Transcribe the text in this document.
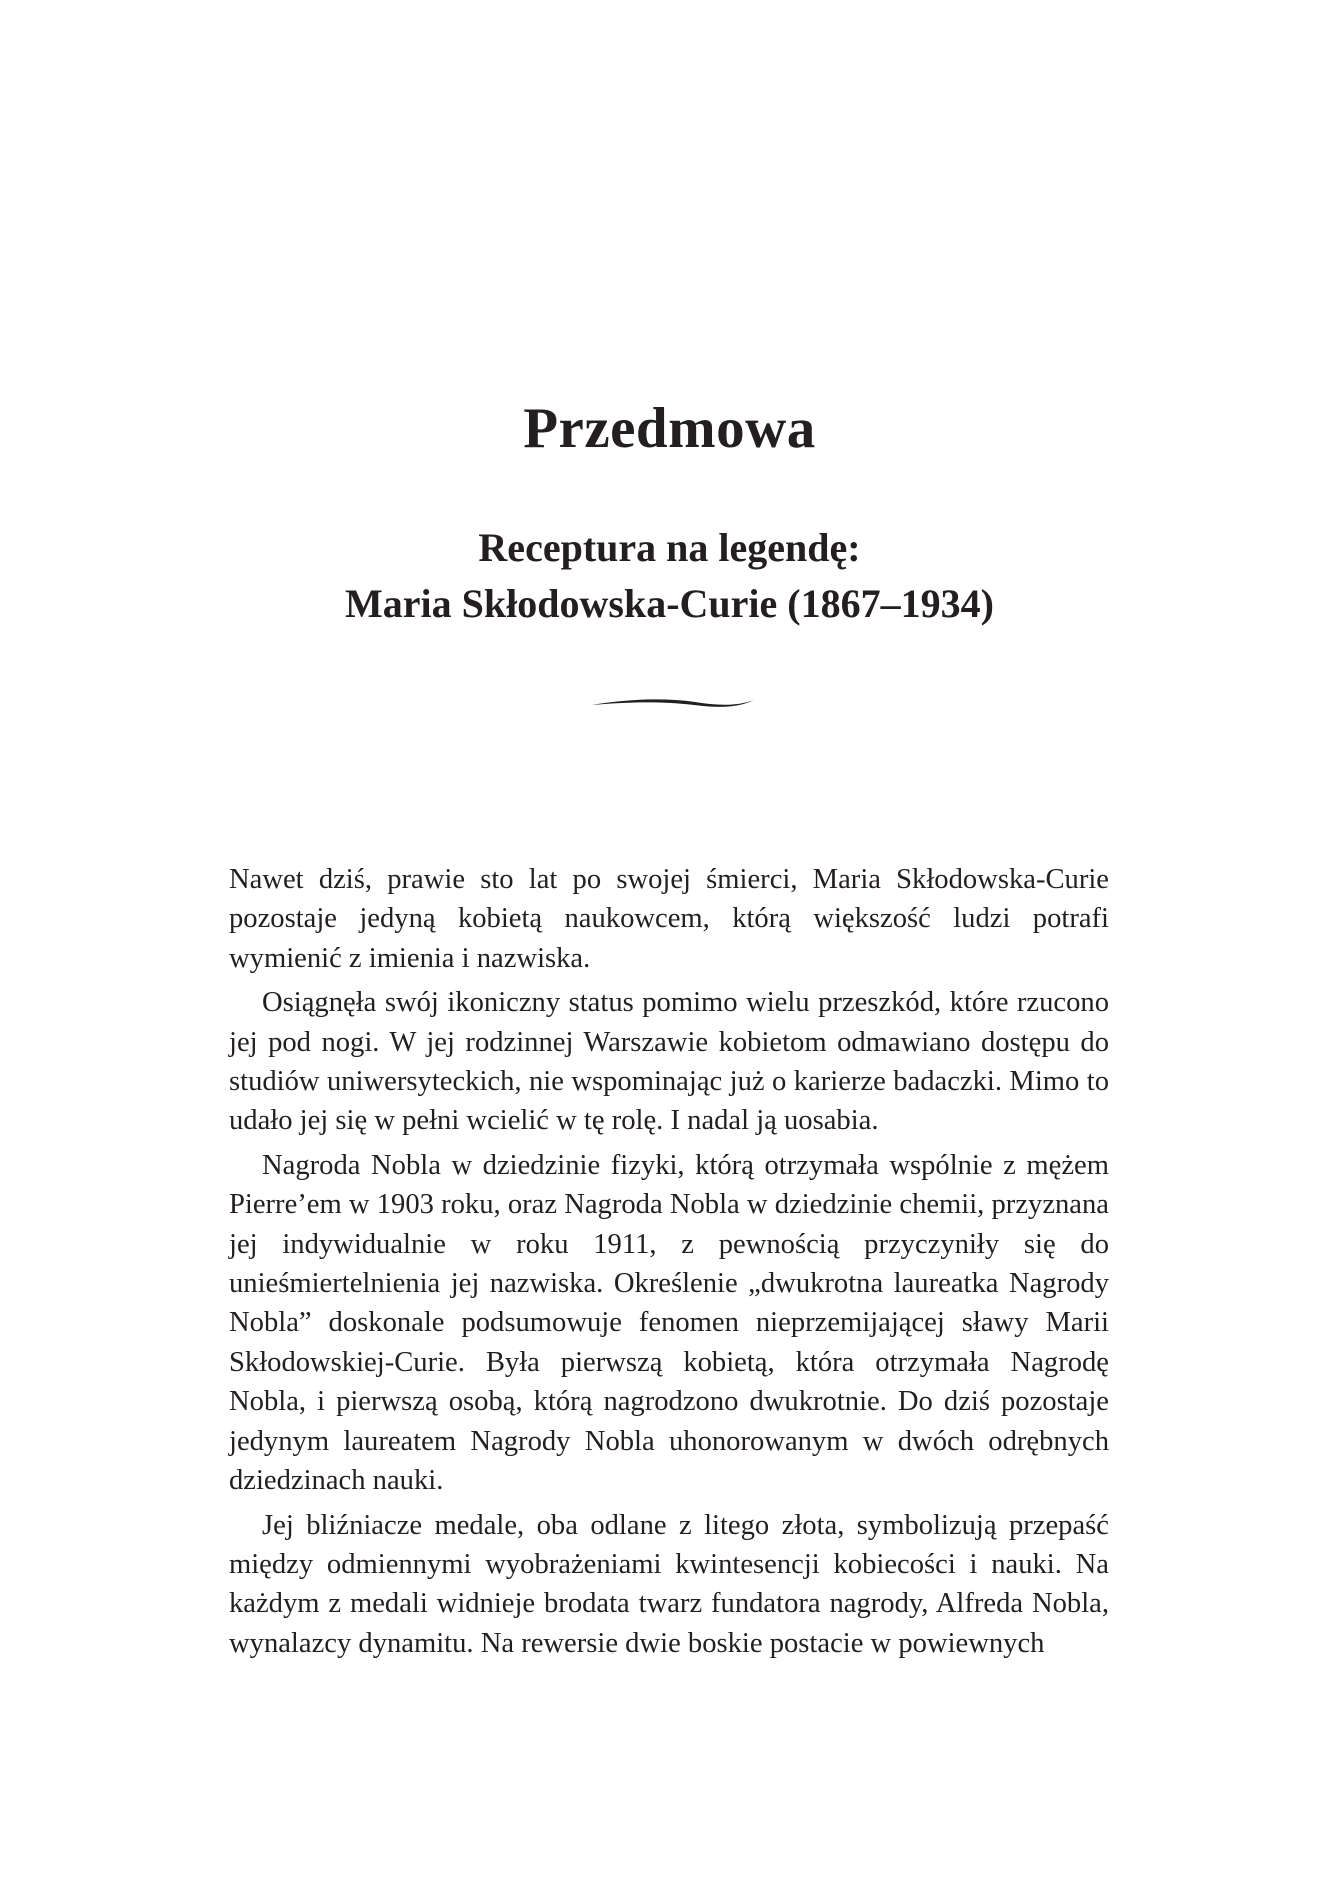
Przedmowa
Receptura na legendę:
Maria Skłodowska-Curie (1867–1934)

Nawet dziś, prawie sto lat po swojej śmierci, Maria Skłodowska-Curie pozostaje jedyną kobietą naukowcem, którą większość ludzi potrafi wymienić z imienia i nazwiska.

Osiągnęła swój ikoniczny status pomimo wielu przeszkód, które rzucono jej pod nogi. W jej rodzinnej Warszawie kobietom odmawiano dostępu do studiów uniwersyteckich, nie wspominając już o karierze badaczki. Mimo to udało jej się w pełni wcielić w tę rolę. I nadal ją uosabia.

Nagroda Nobla w dziedzinie fizyki, którą otrzymała wspólnie z mężem Pierre’em w 1903 roku, oraz Nagroda Nobla w dziedzinie chemii, przyznana jej indywidualnie w roku 1911, z pewnością przyczyniły się do unieśmiertelnienia jej nazwiska. Określenie „dwukrotna laureatka Nagrody Nobla” doskonale podsumowuje fenomen nieprzemijającej sławy Marii Skłodowskiej-Curie. Była pierwszą kobietą, która otrzymała Nagrodę Nobla, i pierwszą osobą, którą nagrodzono dwukrotnie. Do dziś pozostaje jedynym laureatem Nagrody Nobla uhonorowanym w dwóch odrębnych dziedzinach nauki.

Jej bliźniacze medale, oba odlane z litego złota, symbolizują przepaść między odmiennymi wyobrażeniami kwintesencji kobiecości i nauki. Na każdym z medali widnieje brodata twarz fundatora nagrody, Alfreda Nobla, wynalazcy dynamitu. Na rewersie dwie boskie postacie w powiewnych
